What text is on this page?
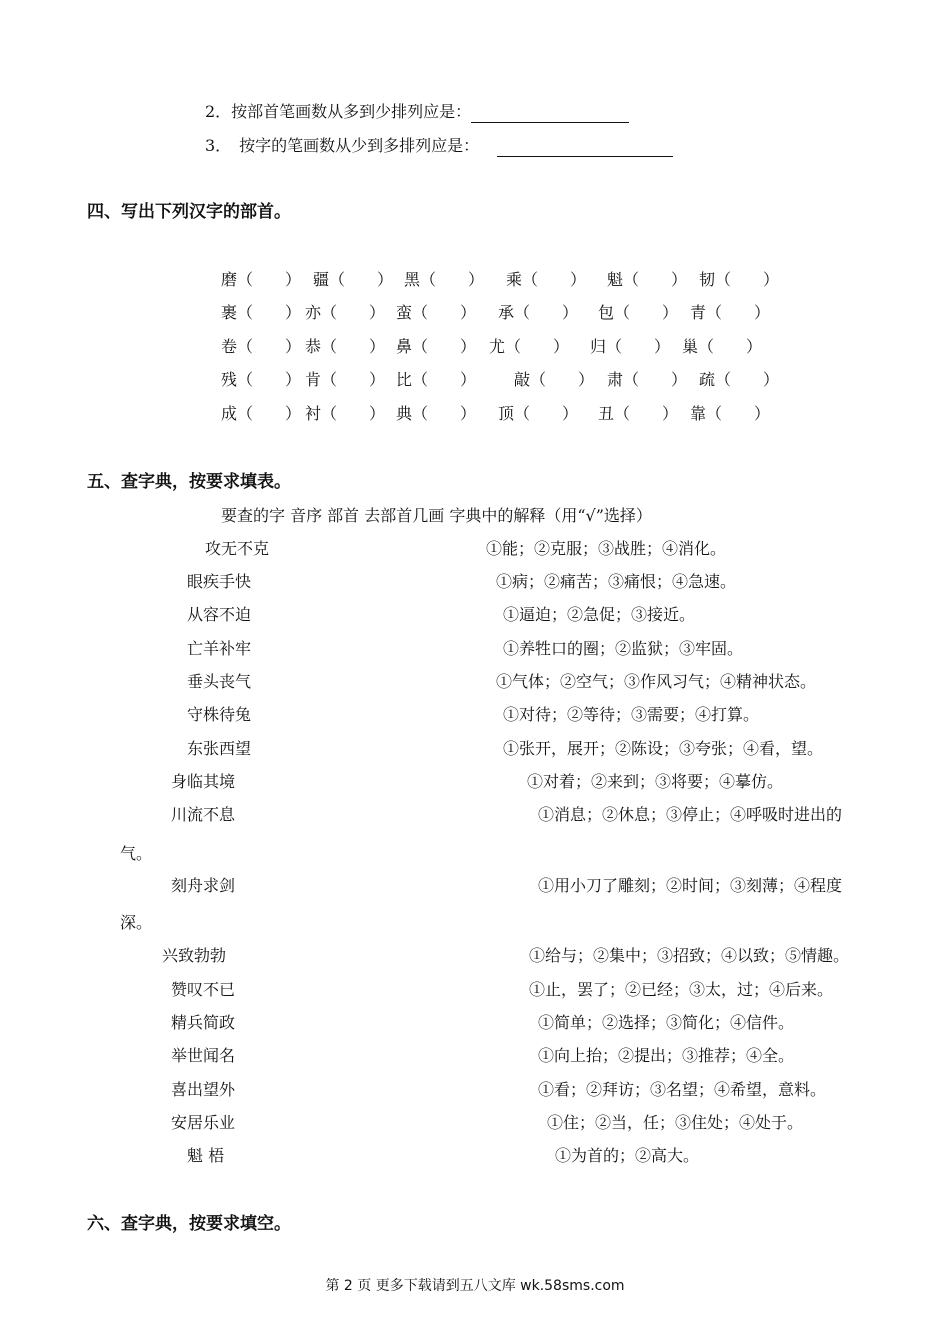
2．按部首笔画数从多到少排列应是：
3．　按字的笔画数从少到多排列应是：
四、写出下列汉字的部首。
磨（　　） 疆（　　） 黑（　　） 乘（　　） 魁（　　） 韧（　　）
裹（　　） 亦（　　） 蛮（　　） 承（　　） 包（　　） 青（　　）
卷（　　） 恭（　　） 鼻（　　） 尤（　　） 归（　　） 巢（　　）
残（　　） 肯（　　） 比（　　） 敲（　　） 肃（　　） 疏（　　）
成（　　） 衬（　　） 典（　　） 顶（　　） 丑（　　） 靠（　　）
五、查字典，按要求填表。
要查的字 音序 部首 去部首几画 字典中的解释（用“√”选择）
攻无不克	①能；②克服；③战胜；④消化。
眼疾手快	①病；②痛苦；③痛恨；④急速。
从容不迫	①逼迫；②急促；③接近。
亡羊补牢	①养牲口的圈；②监狱；③牢固。
垂头丧气	①气体；②空气；③作风习气；④精神状态。
守株待兔	①对待；②等待；③需要；④打算。
东张西望	①张开，展开；②陈设；③夸张；④看，望。
身临其境	①对着；②来到；③将要；④摹仿。
川流不息	①消息；②休息；③停止；④呼吸时进出的
气。
刻舟求剑	①用小刀了雕刻；②时间；③刻薄；④程度
深。
兴致勃勃	①给与；②集中；③招致；④以致；⑤情趣。
赞叹不已	①止，罢了；②已经；③太，过；④后来。
精兵简政	①简单；②选择；③简化；④信件。
举世闻名	①向上抬；②提出；③推荐；④全。
喜出望外	①看；②拜访；③名望；④希望，意料。
安居乐业	①住；②当，任；③住处；④处于。
魁 梧	①为首的；②高大。
六、查字典，按要求填空。
第 2 页 更多下载请到五八文库 wk.58sms.com
